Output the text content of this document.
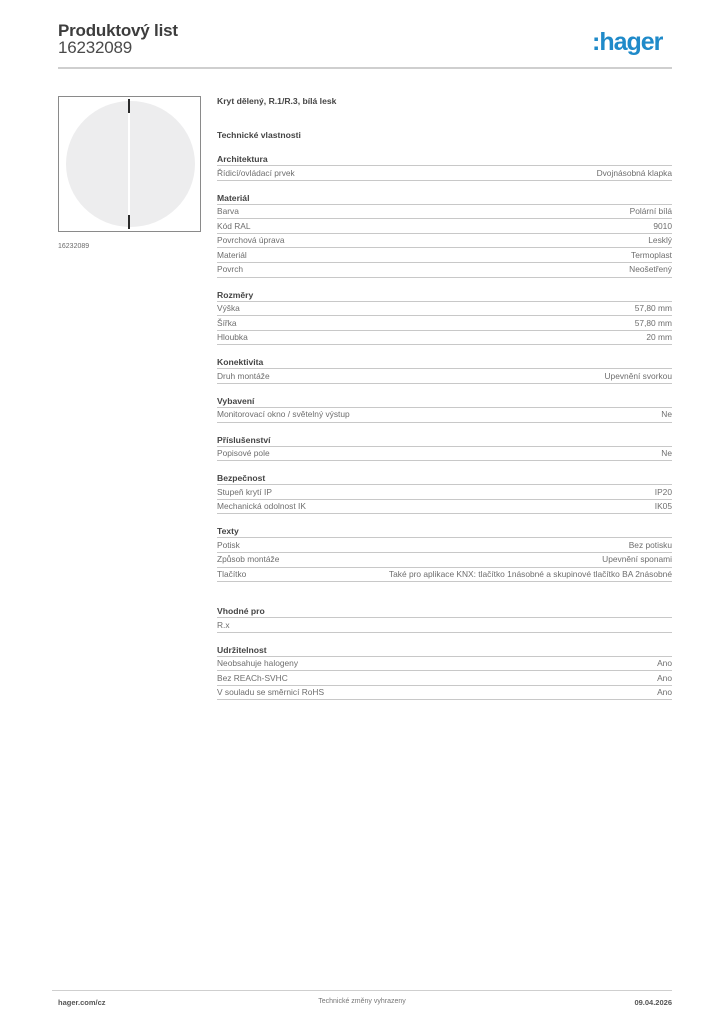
Produktový list
16232089	:hager
16232089
Kryt dělený, R.1/R.3, bílá lesk
Technické vlastnosti
Architektura
Řídicí/ovládací prvek	Dvojnásobná klapka
Materiál
Barva	Polární bílá
Kód RAL	9010
Povrchová úprava	Lesklý
Materiál	Termoplast
Povrch	Neošetřený
Rozměry
Výška	57,80 mm
Šířka	57,80 mm
Hloubka	20 mm
Konektivita
Druh montáže	Upevnění svorkou
Vybavení
Monitorovací okno / světelný výstup	Ne
Příslušenství
Popisové pole	Ne
Bezpečnost
Stupeň krytí IP	IP20
Mechanická odolnost IK	IK05
Texty
Potisk	Bez potisku
Způsob montáže	Upevnění sponami
Tlačítko	Také pro aplikace KNX: tlačítko 1násobné a skupinové tlačítko BA 2násobné
Vhodné pro
R.x
Udržitelnost
Neobsahuje halogeny	Ano
Bez REACh-SVHC	Ano
V souladu se směrnicí RoHS	Ano
hager.com/cz	Technické změny vyhrazeny	09.04.2026
